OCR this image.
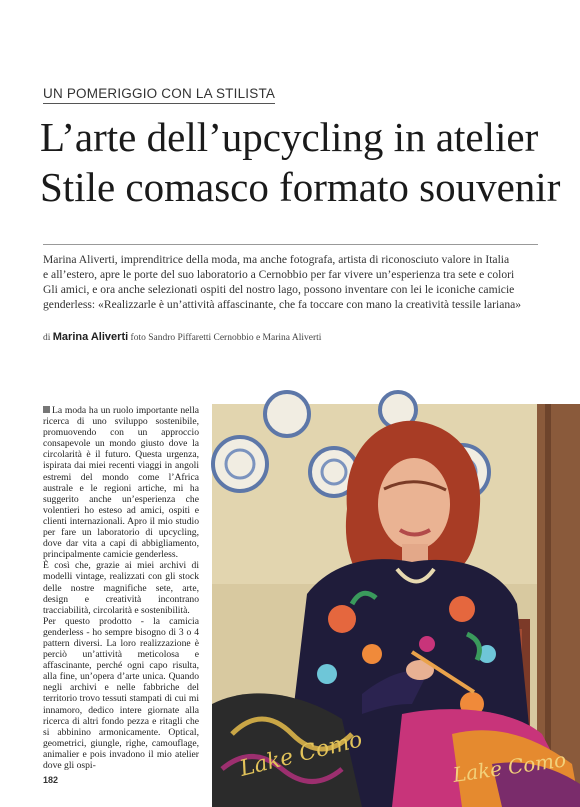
UN POMERIGGIO CON LA STILISTA
L’arte dell’upcycling in atelier
Stile comasco formato souvenir

Marina Aliverti, imprenditrice della moda, ma anche fotografa, artista di riconosciuto valore in Italia

e all’estero, apre le porte del suo laboratorio a Cernobbio per far vivere un’esperienza tra sete e colori

Gli amici, e ora anche selezionati ospiti del nostro lago, possono inventare con lei le iconiche camicie

genderless: «Realizzarle è un’attività affascinante, che fa toccare con mano la creatività tessile lariana»

di Marina Aliverti foto Sandro Piffaretti Cernobbio e Marina Aliverti

La moda ha un ruolo importante nella ricerca di uno sviluppo sostenibile, promuovendo con un approccio consapevole un mondo giusto dove la circolarità è il futuro. Questa urgenza, ispirata dai miei recenti viaggi in angoli estremi del mondo come l’Africa australe e le regioni artiche, mi ha suggerito anche un’esperienza che volentieri ho esteso ad amici, ospiti e clienti internazionali. Apro il mio studio per fare un laboratorio di upcycling, dove dar vita a capi di abbigliamento, principalmente camicie genderless.

È così che, grazie ai miei archivi di modelli vintage, realizzati con gli stock delle nostre magnifiche sete, arte, design e creatività incontrano tracciabilità, circolarità e sostenibilità.

Per questo prodotto - la camicia genderless - ho sempre bisogno di 3 o 4 pattern diversi. La loro realizzazione è perciò un’attività meticolosa e affascinante, perché ogni capo risulta, alla fine, un’opera d’arte unica. Quando negli archivi e nelle fabbriche del territorio trovo tessuti stampati di cui mi innamoro, dedico intere giornate alla ricerca di altri fondo pezza e ritagli che si abbinino armonicamente. Optical, geometrici, giungle, righe, camouflage, animalier e pois invadono il mio atelier dove gli ospi-

182	Lake Como	Lake Como
